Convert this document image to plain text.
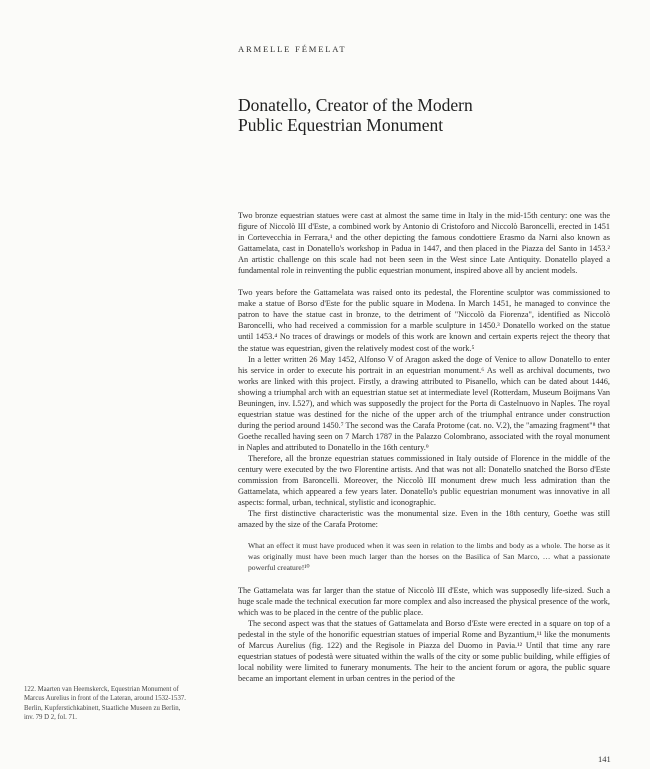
ARMELLE FÉMELAT
Donatello, Creator of the Modern
Public Equestrian Monument

Two bronze equestrian statues were cast at almost the same time in Italy in the mid-15th century: one was the figure of Niccolò III d'Este, a combined work by Antonio di Cristoforo and Niccolò Baroncelli, erected in 1451 in Cortevecchia in Ferrara,¹ and the other depicting the famous condottiere Erasmo da Narni also known as Gattamelata, cast in Donatello's workshop in Padua in 1447, and then placed in the Piazza del Santo in 1453.² An artistic challenge on this scale had not been seen in the West since Late Antiquity. Donatello played a fundamental role in reinventing the public equestrian monument, inspired above all by ancient models.

Two years before the Gattamelata was raised onto its pedestal, the Florentine sculptor was commissioned to make a statue of Borso d'Este for the public square in Modena. In March 1451, he managed to convince the patron to have the statue cast in bronze, to the detriment of "Niccolò da Fiorenza", identified as Niccolò Baroncelli, who had received a commission for a marble sculpture in 1450.³ Donatello worked on the statue until 1453.⁴ No traces of drawings or models of this work are known and certain experts reject the theory that the statue was equestrian, given the relatively modest cost of the work.⁵

In a letter written 26 May 1452, Alfonso V of Aragon asked the doge of Venice to allow Donatello to enter his service in order to execute his portrait in an equestrian monument.⁶ As well as archival documents, two works are linked with this project. Firstly, a drawing attributed to Pisanello, which can be dated about 1446, showing a triumphal arch with an equestrian statue set at intermediate level (Rotterdam, Museum Boijmans Van Beuningen, inv. I.527), and which was supposedly the project for the Porta di Castelnuovo in Naples. The royal equestrian statue was destined for the niche of the upper arch of the triumphal entrance under construction during the period around 1450.⁷ The second was the Carafa Protome (cat. no. V.2), the "amazing fragment"⁸ that Goethe recalled having seen on 7 March 1787 in the Palazzo Colombrano, associated with the royal monument in Naples and attributed to Donatello in the 16th century.⁹

Therefore, all the bronze equestrian statues commissioned in Italy outside of Florence in the middle of the century were executed by the two Florentine artists. And that was not all: Donatello snatched the Borso d'Este commission from Baroncelli. Moreover, the Niccolò III monument drew much less admiration than the Gattamelata, which appeared a few years later. Donatello's public equestrian monument was innovative in all aspects: formal, urban, technical, stylistic and iconographic.

The first distinctive characteristic was the monumental size. Even in the 18th century, Goethe was still amazed by the size of the Carafa Protome:

What an effect it must have produced when it was seen in relation to the limbs and body as a whole. The horse as it was originally must have been much larger than the horses on the Basilica of San Marco, … what a passionate powerful creature!¹⁰

The Gattamelata was far larger than the statue of Niccolò III d'Este, which was supposedly life-sized. Such a huge scale made the technical execution far more complex and also increased the physical presence of the work, which was to be placed in the centre of the public place.

The second aspect was that the statues of Gattamelata and Borso d'Este were erected in a square on top of a pedestal in the style of the honorific equestrian statues of imperial Rome and Byzantium,¹¹ like the monuments of Marcus Aurelius (fig. 122) and the Regisole in Piazza del Duomo in Pavia.¹² Until that time any rare equestrian statues of podestà were situated within the walls of the city or some public building, while effigies of local nobility were limited to funerary monuments. The heir to the ancient forum or agora, the public square became an important element in urban centres in the period of the

122. Maarten van Heemskerck, Equestrian Monument of
Marcus Aurelius in front of the Lateran, around 1532-1537.
Berlin, Kupferstichkabinett, Staatliche Museen zu Berlin,
inv. 79 D 2, fol. 71.
141
